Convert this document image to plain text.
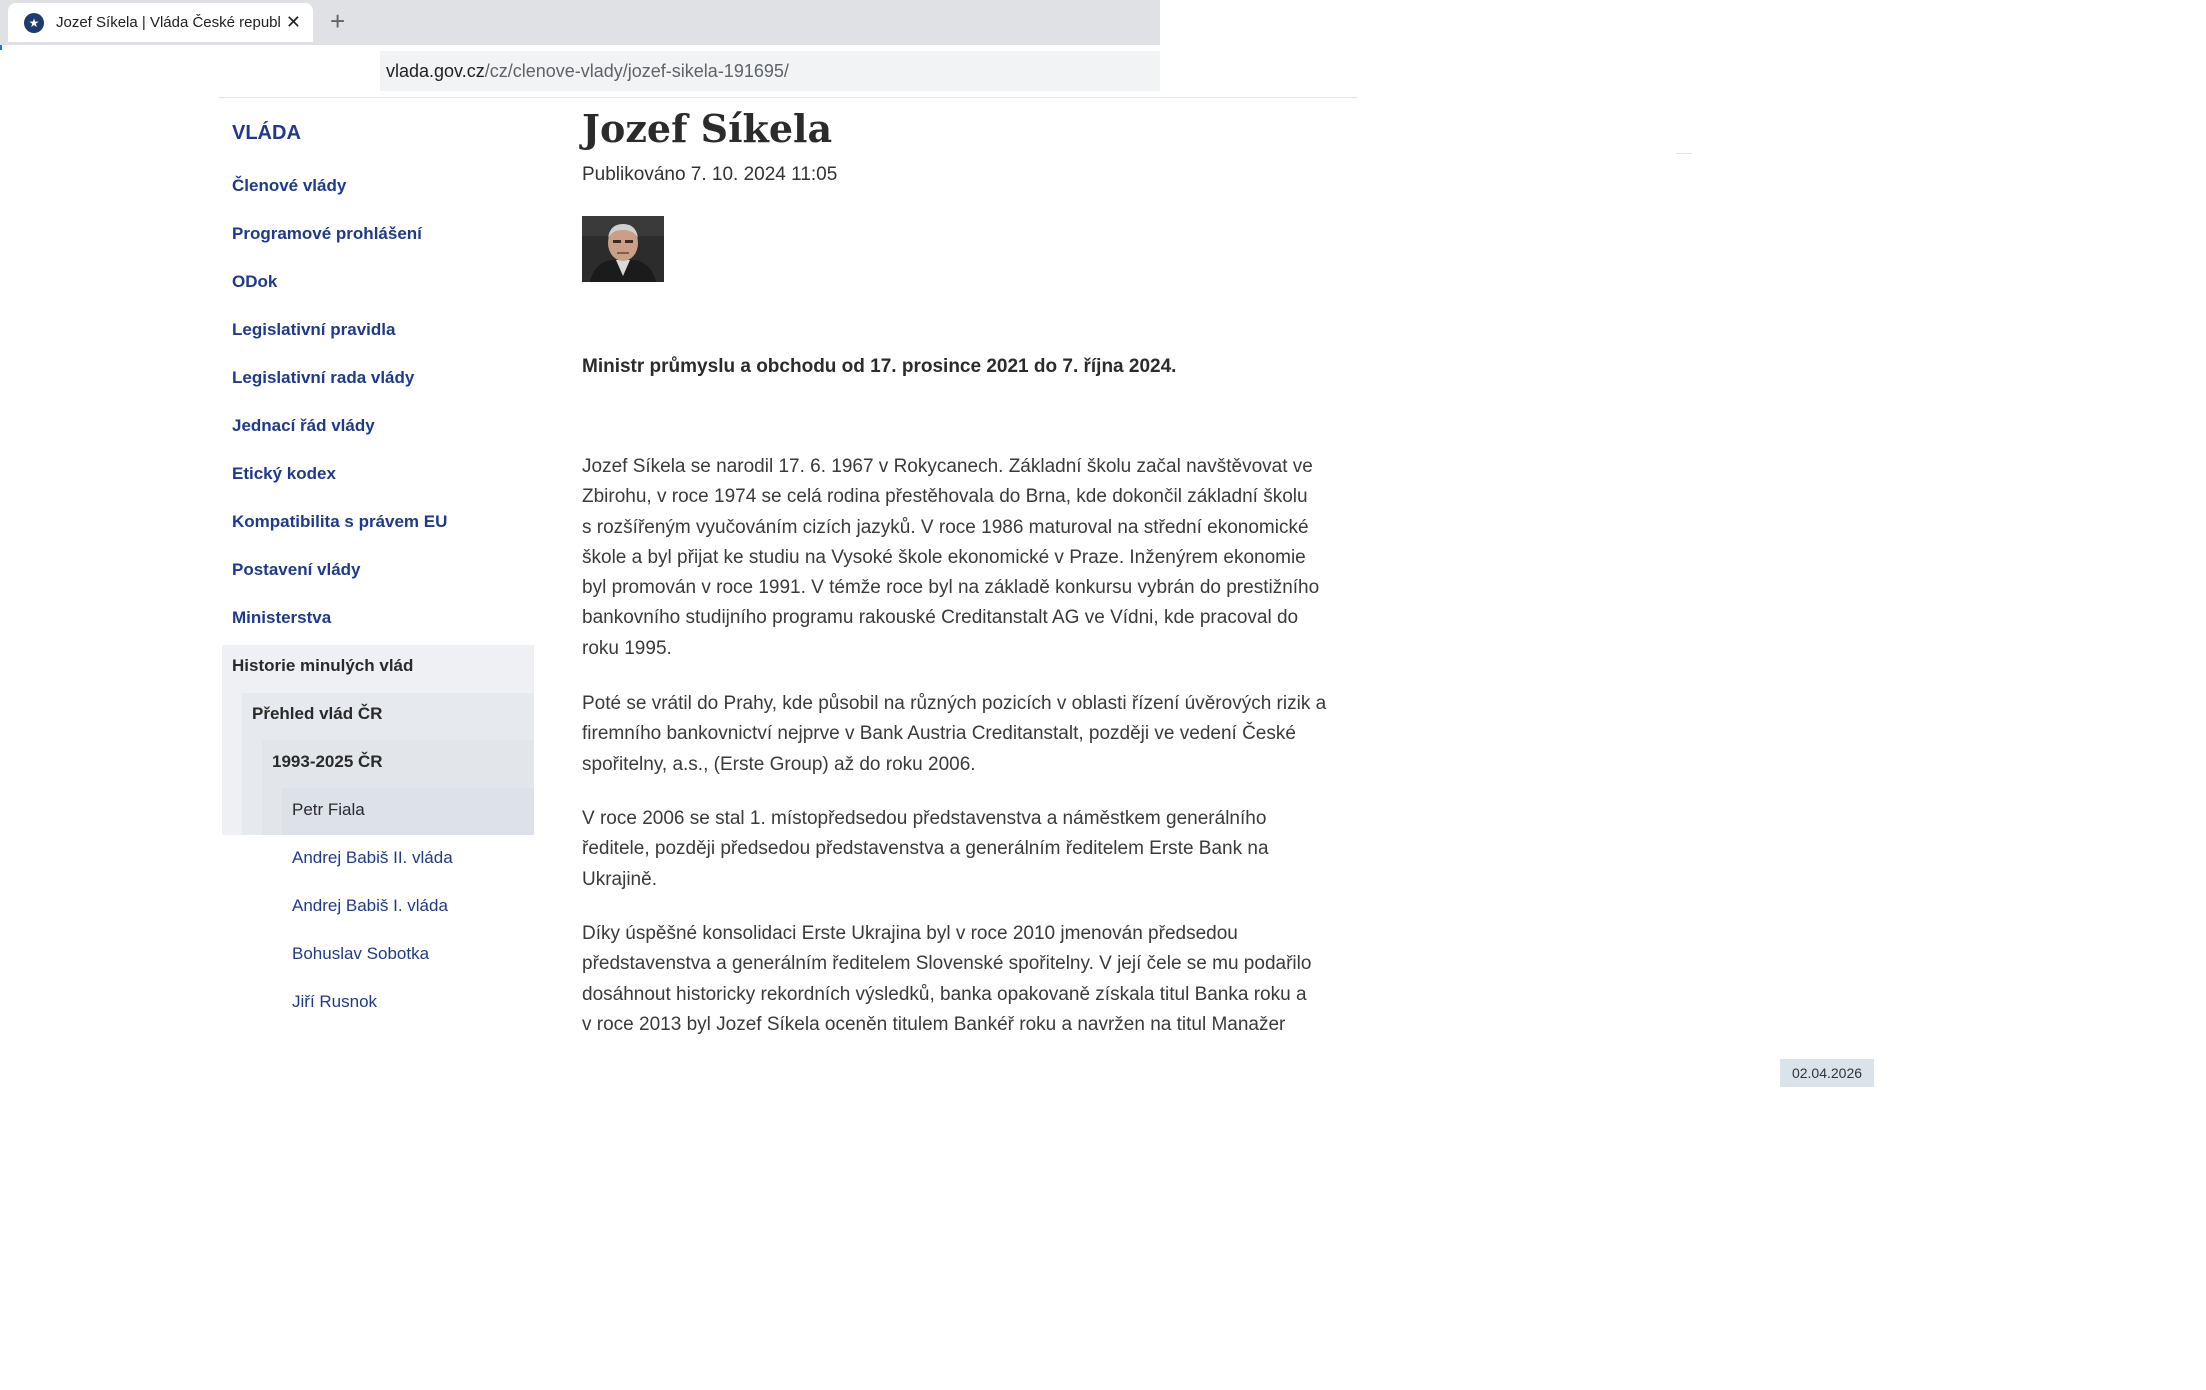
★	Jozef Síkela | Vláda České republ ✕ +
vlada.gov.cz/cz/clenove-vlady/jozef-sikela-191695/
VLÁDA
Členové vlády
Programové prohlášení
ODok
Legislativní pravidla
Legislativní rada vlády
Jednací řád vlády
Etický kodex
Kompatibilita s právem EU
Postavení vlády
Ministerstva
Historie minulých vlád
Přehled vlád ČR
1993-2025 ČR
Petr Fiala
Andrej Babiš II. vláda
Andrej Babiš I. vláda
Bohuslav Sobotka
Jiří Rusnok
Jozef Síkela
Publikováno 7. 10. 2024 11:05
Ministr průmyslu a obchodu od 17. prosince 2021 do 7. října 2024.
Jozef Síkela se narodil 17. 6. 1967 v Rokycanech. Základní školu začal navštěvovat ve
Zbirohu, v roce 1974 se celá rodina přestěhovala do Brna, kde dokončil základní školu
s rozšířeným vyučováním cizích jazyků. V roce 1986 maturoval na střední ekonomické
škole a byl přijat ke studiu na Vysoké škole ekonomické v Praze. Inženýrem ekonomie
byl promován v roce 1991. V témže roce byl na základě konkursu vybrán do prestižního
bankovního studijního programu rakouské Creditanstalt AG ve Vídni, kde pracoval do
roku 1995.
Poté se vrátil do Prahy, kde působil na různých pozicích v oblasti řízení úvěrových rizik a
firemního bankovnictví nejprve v Bank Austria Creditanstalt, později ve vedení České
spořitelny, a.s., (Erste Group) až do roku 2006.
V roce 2006 se stal 1. místopředsedou představenstva a náměstkem generálního
ředitele, později předsedou představenstva a generálním ředitelem Erste Bank na
Ukrajině.
Díky úspěšné konsolidaci Erste Ukrajina byl v roce 2010 jmenován předsedou
představenstva a generálním ředitelem Slovenské spořitelny. V její čele se mu podařilo
dosáhnout historicky rekordních výsledků, banka opakovaně získala titul Banka roku a
v roce 2013 byl Jozef Síkela oceněn titulem Bankéř roku a navržen na titul Manažer
02.04.2026
